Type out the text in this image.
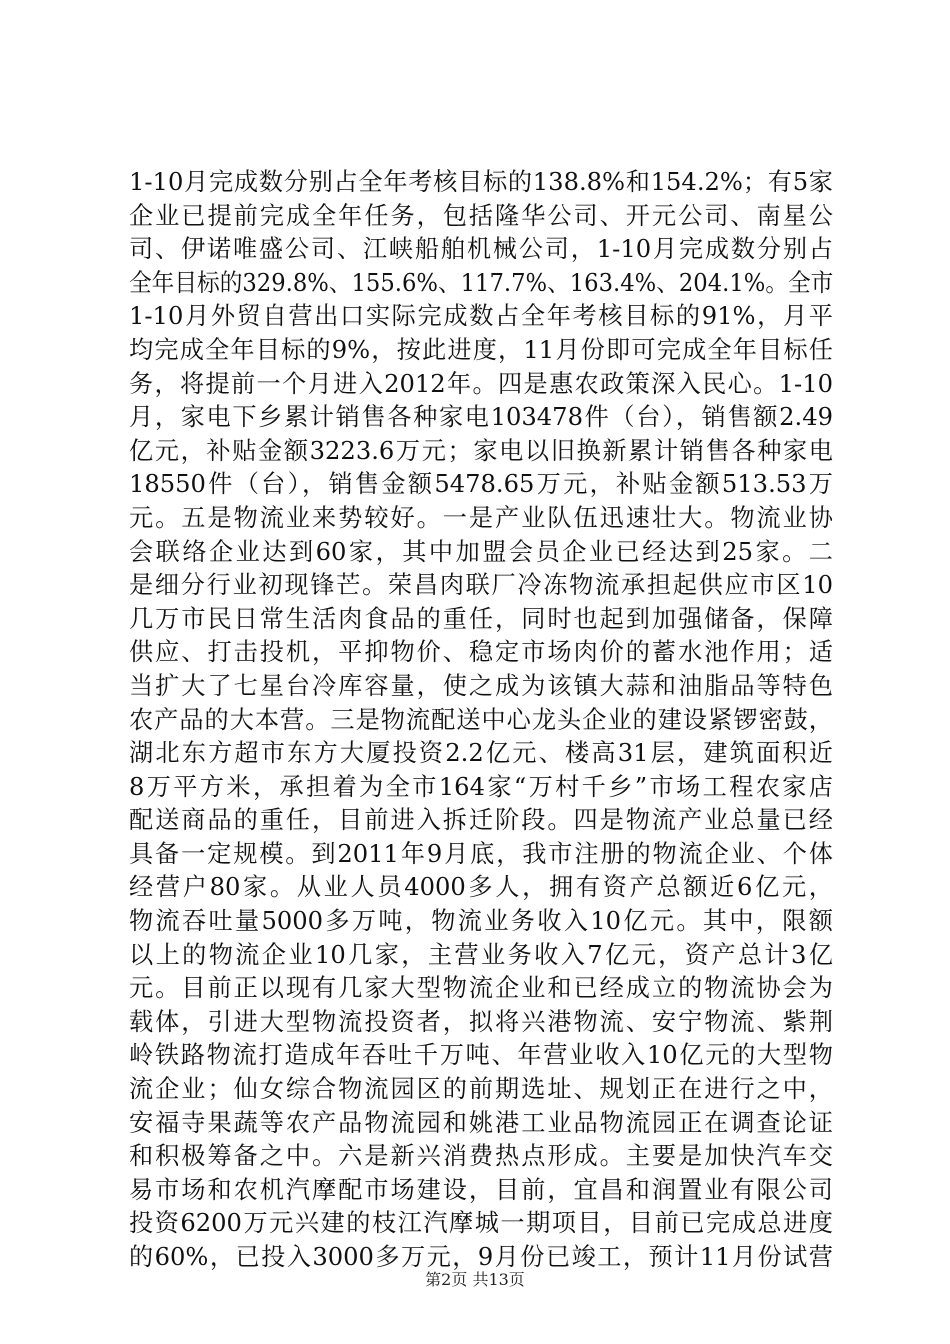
1-10月完成数分别占全年考核目标的138.8%和154.2%；有5家
企业已提前完成全年任务，包括隆华公司、开元公司、南星公
司、伊诺唯盛公司、江峡船舶机械公司，1-10月完成数分别占
全年目标的329.8%、155.6%、117.7%、163.4%、204.1%。全市
1-10月外贸自营出口实际完成数占全年考核目标的91%，月平
均完成全年目标的9%，按此进度，11月份即可完成全年目标任
务，将提前一个月进入2012年。四是惠农政策深入民心。1-10
月，家电下乡累计销售各种家电103478件（台），销售额2.49
亿元，补贴金额3223.6万元；家电以旧换新累计销售各种家电
18550件（台），销售金额5478.65万元，补贴金额513.53万
元。五是物流业来势较好。一是产业队伍迅速壮大。物流业协
会联络企业达到60家，其中加盟会员企业已经达到25家。二
是细分行业初现锋芒。荣昌肉联厂冷冻物流承担起供应市区10
几万市民日常生活肉食品的重任，同时也起到加强储备，保障
供应、打击投机，平抑物价、稳定市场肉价的蓄水池作用；适
当扩大了七星台冷库容量，使之成为该镇大蒜和油脂品等特色
农产品的大本营。三是物流配送中心龙头企业的建设紧锣密鼓，
湖北东方超市东方大厦投资2.2亿元、楼高31层，建筑面积近
8万平方米，承担着为全市164家“万村千乡”市场工程农家店
配送商品的重任，目前进入拆迁阶段。四是物流产业总量已经
具备一定规模。到2011年9月底，我市注册的物流企业、个体
经营户80家。从业人员4000多人，拥有资产总额近6亿元，
物流吞吐量5000多万吨，物流业务收入10亿元。其中，限额
以上的物流企业10几家，主营业务收入7亿元，资产总计3亿
元。目前正以现有几家大型物流企业和已经成立的物流协会为
载体，引进大型物流投资者，拟将兴港物流、安宁物流、紫荆
岭铁路物流打造成年吞吐千万吨、年营业收入10亿元的大型物
流企业；仙女综合物流园区的前期选址、规划正在进行之中，
安福寺果蔬等农产品物流园和姚港工业品物流园正在调查论证
和积极筹备之中。六是新兴消费热点形成。主要是加快汽车交
易市场和农机汽摩配市场建设，目前，宜昌和润置业有限公司
投资6200万元兴建的枝江汽摩城一期项目，目前已完成总进度
的60%，已投入3000多万元，9月份已竣工，预计11月份试营
第2页 共13页
